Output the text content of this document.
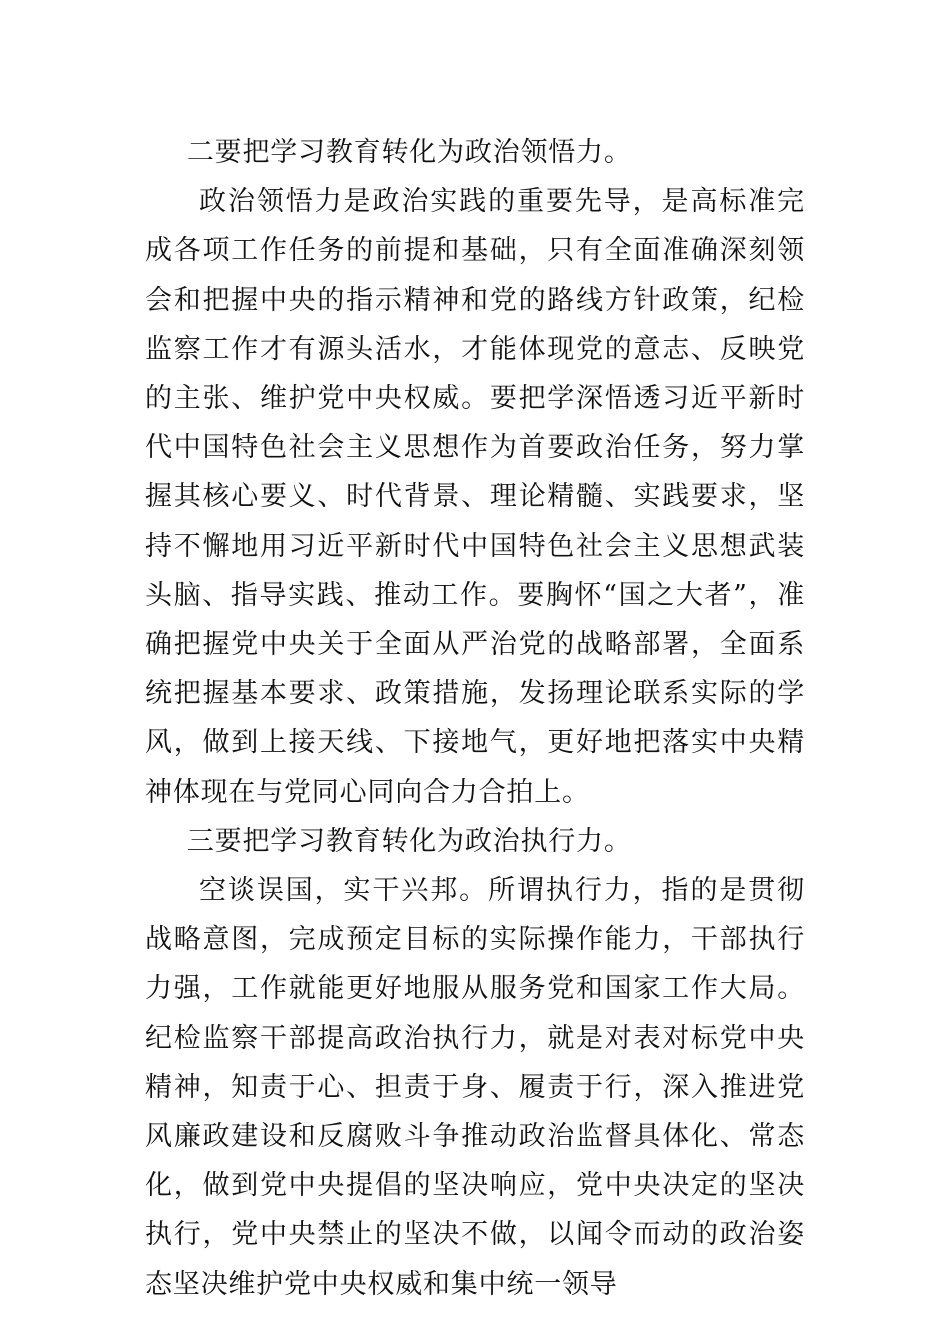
二要把学习教育转化为政治领悟力。

政治领悟力是政治实践的重要先导，是高标准完成各项工作任务的前提和基础，只有全面准确深刻领会和把握中央的指示精神和党的路线方针政策，纪检监察工作才有源头活水，才能体现党的意志、反映党的主张、维护党中央权威。要把学深悟透习近平新时代中国特色社会主义思想作为首要政治任务，努力掌握其核心要义、时代背景、理论精髓、实践要求，坚持不懈地用习近平新时代中国特色社会主义思想武装头脑、指导实践、推动工作。要胸怀“国之大者”，准确把握党中央关于全面从严治党的战略部署，全面系统把握基本要求、政策措施，发扬理论联系实际的学风，做到上接天线、下接地气，更好地把落实中央精神体现在与党同心同向合力合拍上。

三要把学习教育转化为政治执行力。

空谈误国，实干兴邦。所谓执行力，指的是贯彻战略意图，完成预定目标的实际操作能力，干部执行力强，工作就能更好地服从服务党和国家工作大局。纪检监察干部提高政治执行力，就是对表对标党中央精神，知责于心、担责于身、履责于行，深入推进党风廉政建设和反腐败斗争推动政治监督具体化、常态化，做到党中央提倡的坚决响应，党中央决定的坚决执行，党中央禁止的坚决不做，以闻令而动的政治姿态坚决维护党中央权威和集中统一领导
